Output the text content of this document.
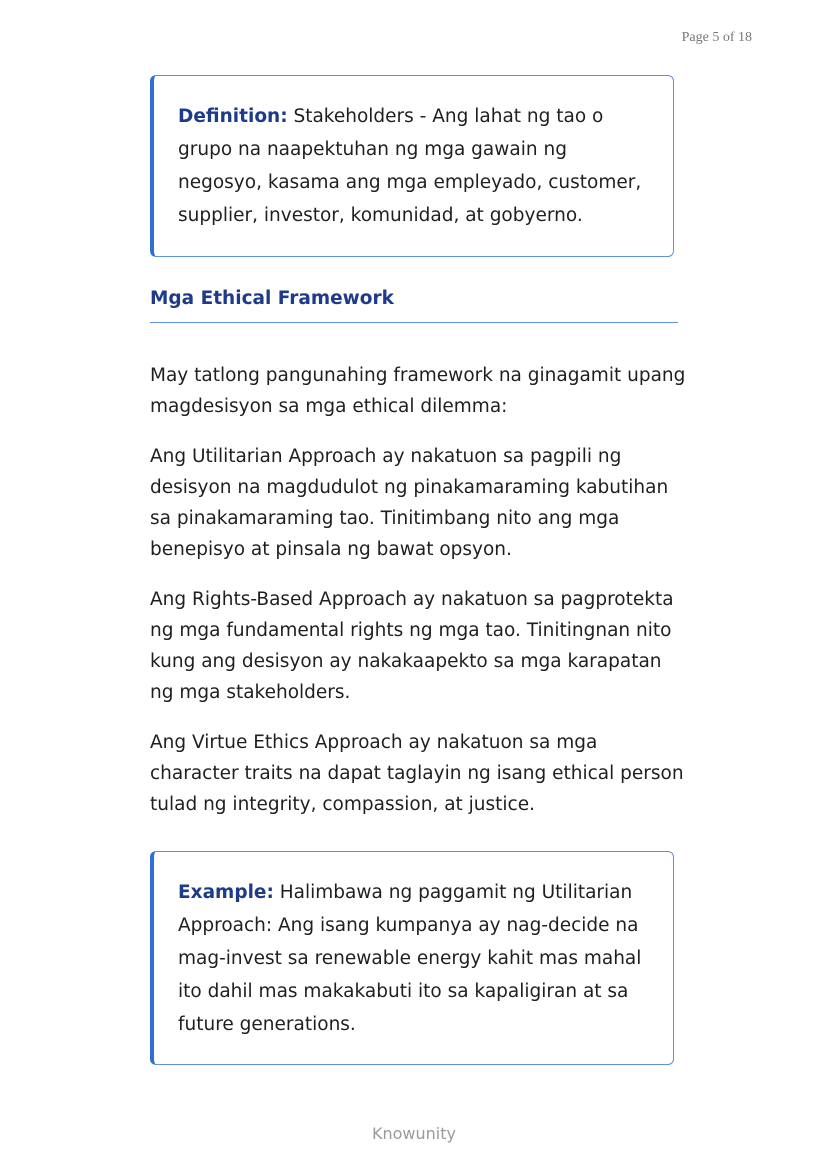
Page 5 of 18
Definition: Stakeholders - Ang lahat ng tao o grupo na naapektuhan ng mga gawain ng negosyo, kasama ang mga empleyado, customer, supplier, investor, komunidad, at gobyerno.
Mga Ethical Framework

May tatlong pangunahing framework na ginagamit upang magdesisyon sa mga ethical dilemma:

Ang Utilitarian Approach ay nakatuon sa pagpili ng desisyon na magdudulot ng pinakamaraming kabutihan sa pinakamaraming tao. Tinitimbang nito ang mga benepisyo at pinsala ng bawat opsyon.

Ang Rights-Based Approach ay nakatuon sa pagprotekta ng mga fundamental rights ng mga tao. Tinitingnan nito kung ang desisyon ay nakakaapekto sa mga karapatan ng mga stakeholders.

Ang Virtue Ethics Approach ay nakatuon sa mga character traits na dapat taglayin ng isang ethical person tulad ng integrity, compassion, at justice.

Example: Halimbawa ng paggamit ng Utilitarian Approach: Ang isang kumpanya ay nag-decide na mag-invest sa renewable energy kahit mas mahal ito dahil mas makakabuti ito sa kapaligiran at sa future generations.
Knowunity
